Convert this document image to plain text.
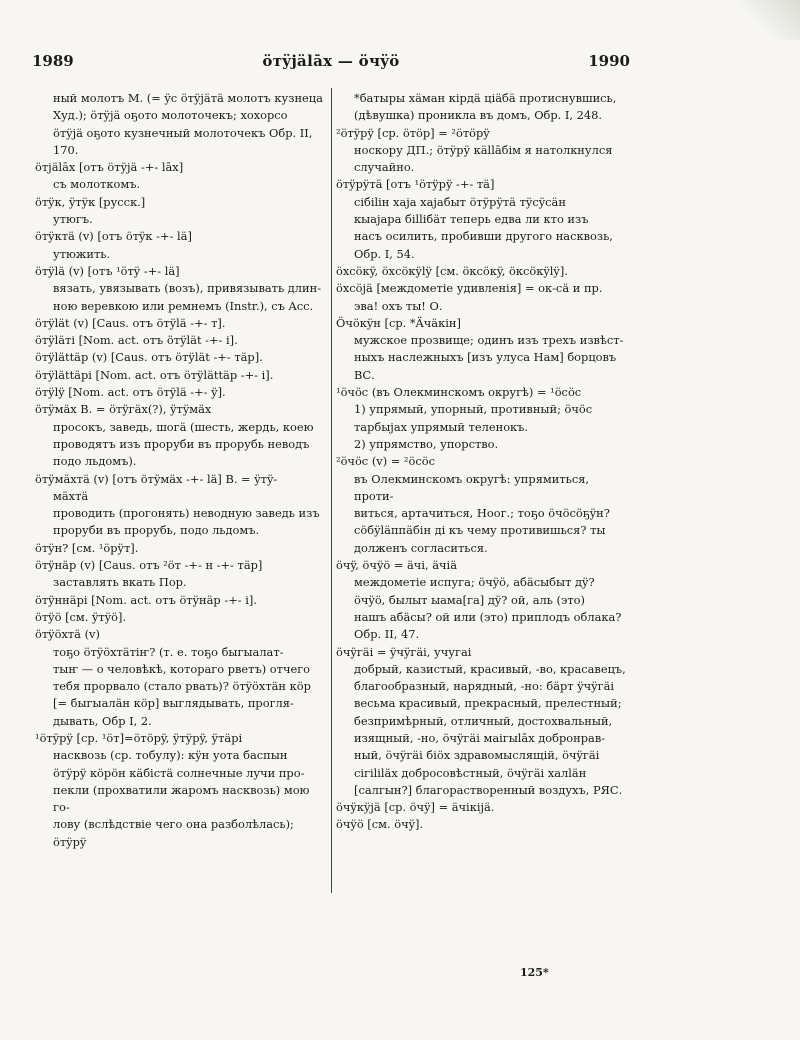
1989	öтÿjälāх — öчÿö	1990
ный молотъ М. (= ÿс öтÿjäтä молотъ кузнеца
Худ.); öтÿjä оҕото молоточекъ; хохорсо
öтÿjä оҕото кузнечный молоточекъ Обр. II,
170.
öтjälāх [отъ öтÿjä -+- lāх]
съ молоткомъ.
öтÿк, ÿтÿк [русск.]
утюгъ.
öтÿктä (v) [отъ öтÿк -+- lä]
утюжить.
öтÿlä (v) [отъ ¹öтÿ -+- lä]
вязать, увязывать (возъ), привязывать длин-
ною веревкою или ремнемъ (Instr.), съ Acc.
öтÿlät (v) [Caus. отъ öтÿlä -+- т].
öтÿläті [Nom. act. отъ öтÿlät -+- і].
öтÿlättäр (v) [Caus. отъ öтÿlät -+- тäр].
öтÿlättäрі [Nom. act. отъ öтÿlättäр -+- і].
öтÿlÿ [Nom. act. отъ öтÿlä -+- ÿ].
öтÿмäх В. = öтÿгäх(?), ÿтÿмäх
просокъ, заведь, шогä (шесть, жердь, коею
проводятъ изъ проруби въ прорубь неводъ
подо льдомъ).
öтÿмäхтä (v) [отъ öтÿмäх -+- lä] В. = ÿтÿ-
мäхтä
проводить (прогонять) неводную заведь изъ
проруби въ прорубь, подо льдомъ.
öтÿн? [см. ¹öрÿт].
öтÿнäр (v) [Caus. отъ ²öт -+- н -+- тäр]
заставлять вкать Пор.
öтÿннäрі [Nom. act. отъ öтÿнäр -+- і].
öтÿö [см. ÿтÿö].
öтÿöхтä (v)
тоҕо öтÿöхтäтіҥ? (т. е. тоҕо быгыалат-
тыҥ — о человѣкѣ, котораго рветъ) отчего
тебя прорвало (стало рвать)? öтÿöхтäн кöр
[= быгыалäн кöр] выглядывать, прогля-
дывать, Обр I, 2.
¹öтÿрÿ [ср. ¹öт]=öтöрÿ, ÿтÿрÿ, ÿтäрі
насквозь (ср. тобулу): кÿн уота баспын
öтÿрÿ кöрöн кäбістä солнечные лучи про-
пекли (прохватили жаромъ насквозь) мою го-
лову (вслѣдствіе чего она разболѣлась); öтÿрÿ
*батыры хäман кірдä цiäбä протиснувшись,
(дѣвушка) проникла въ домъ, Обр. I, 248.
²öтÿрÿ [ср. öтöр] = ²öтöрÿ
носкору ДП.; öтÿрÿ кällāбiм я натолкнулся
случайно.
öтÿрÿтä [отъ ¹öтÿрÿ -+- тä]
сiбiliн хаjа хаjабыт öтÿрÿтä тÿсÿсäн
кыаjара біlliбäт теперь едва ли кто изъ
насъ осилить, пробивши другого насквозь,
Обр. I, 54.
öхсöкÿ, öхсöкÿlÿ [см. öксöкÿ, öксöкÿlÿ].
öхсöjä [междометiе удивленiя] = ок-сä и пр.
эва! охъ ты! О.
Öчöкÿн [ср. *Äчäкін]
мужское прозвище; одинъ изъ трехъ извѣст-
ныхъ наслежныхъ [изъ улуса Нам] борцовъ ВС.
¹öчöс (въ Олекминскомъ округѣ) = ¹öсöс
1) упрямый, упорный, противный; öчöс
тарбыjах упрямый теленокъ.
2) упрямство, упорство.
²öчöс (v) = ²öсöс
въ Олекминскомъ округѣ: упрямиться, проти-
виться, артачиться, Ноог.; тоҕо öчöсöҕÿн?
сöбÿläппäбiн дi къ чему противишься? ты
долженъ согласиться.
öчÿ, öчÿö = äчі, äчiä
междометiе испуга; öчÿö, абäсыбыт дÿ?
öчÿö, былыт ыама[га] дÿ? ой, аль (это)
нашъ абäсы? ой или (это) приплодъ облака?
Обр. II, 47.
öчÿгäі = ÿчÿгäі, учугаі
добрый, казистый, красивый, -во, красавецъ,
благообразный, нарядный, -но: бäрт ÿчÿгäі
весьма красивый, прекрасный, прелестный;
безпримѣрный, отличный, достохвальный,
изящный, -но, öчÿгäі маiгыlāх добронрав-
ный, öчÿгäі біöх здравомыслящiй, öчÿгäі
сiгililäх добросовѣстный, öчÿгäі халläн
[салгын?] благорастворенный воздухъ, РЯС.
öчÿкÿjä [ср. öчÿ] = äчiкijä.
öчÿö [см. öчÿ].
125*
